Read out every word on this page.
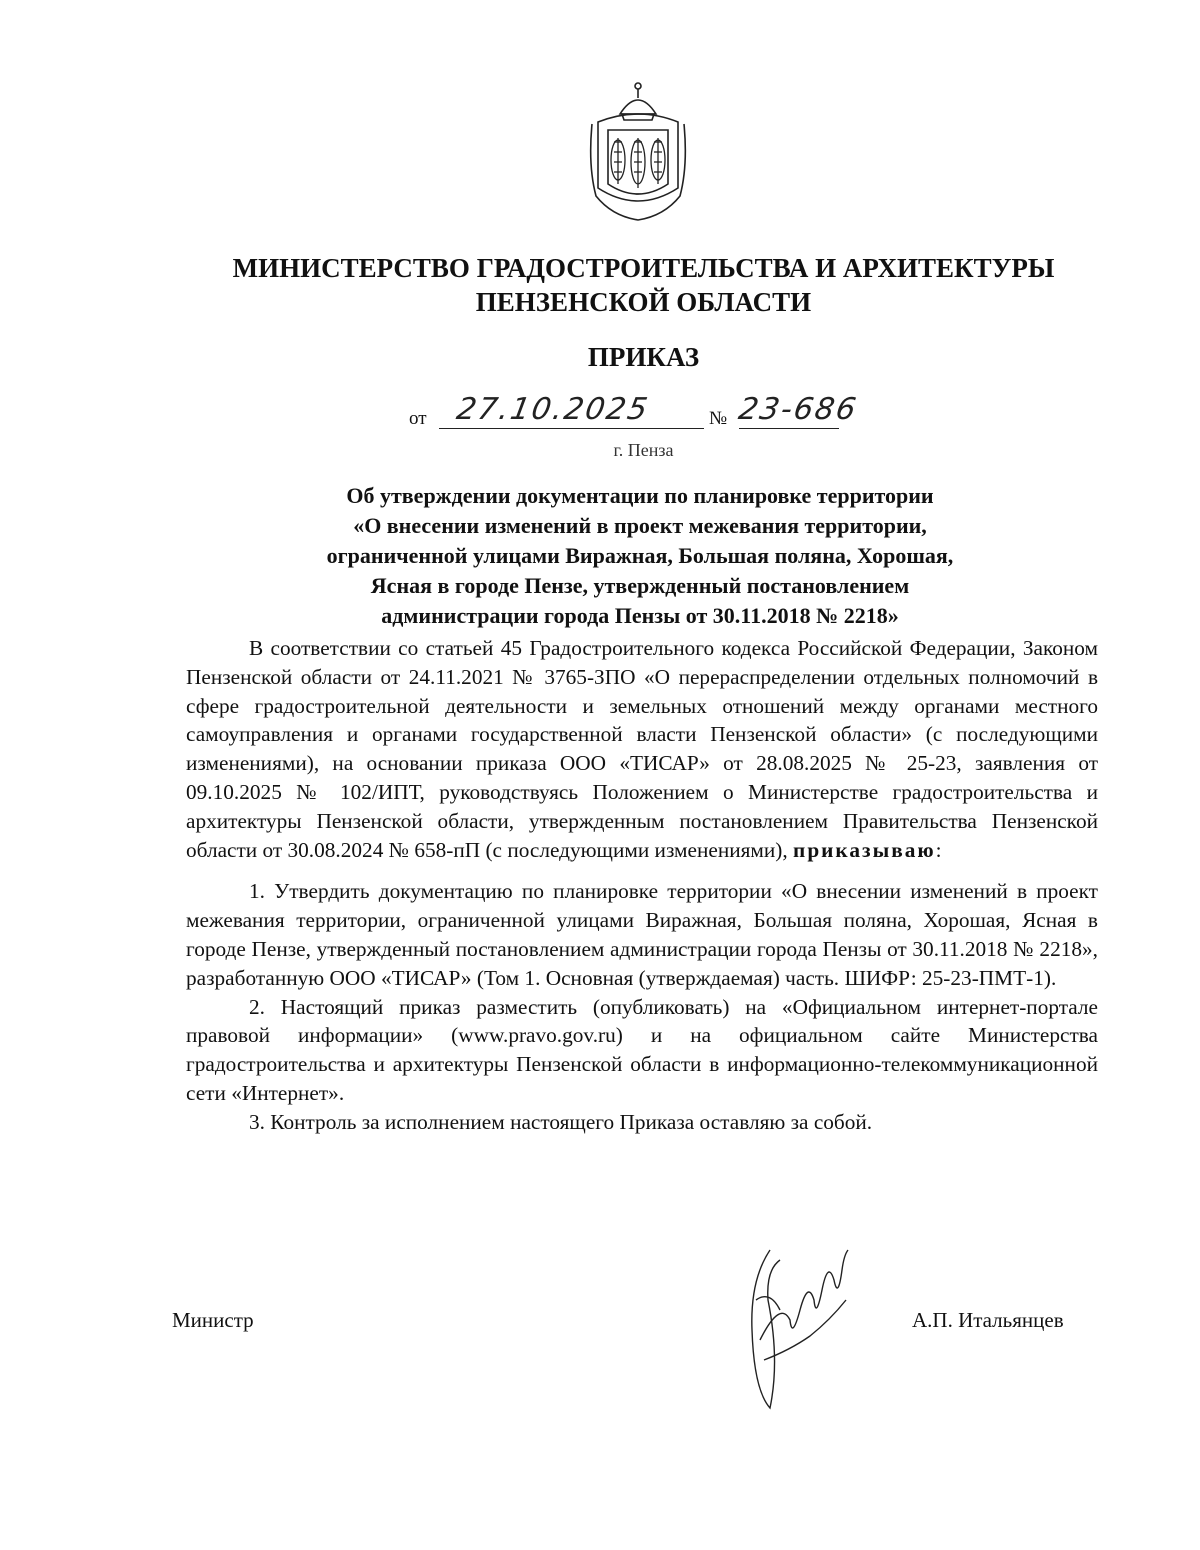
МИНИСТЕРСТВО ГРАДОСТРОИТЕЛЬСТВА И АРХИТЕКТУРЫ
ПЕНЗЕНСКОЙ ОБЛАСТИ
ПРИКАЗ
от 27.10.2025	№ 23-686
г. Пенза
Об утверждении документации по планировке территории
«О внесении изменений в проект межевания территории,
ограниченной улицами Виражная, Большая поляна, Хорошая,
Ясная в городе Пензе, утвержденный постановлением
администрации города Пензы от 30.11.2018 № 2218»

В соответствии со статьей 45 Градостроительного кодекса Российской Федерации, Законом Пензенской области от 24.11.2021 № 3765-ЗПО «О перераспределении отдельных полномочий в сфере градостроительной деятельности и земельных отношений между органами местного самоуправления и органами государственной власти Пензенской области» (с последующими изменениями), на основании приказа ООО «ТИСАР» от 28.08.2025 № 25-23, заявления от 09.10.2025 № 102/ИПТ, руководствуясь Положением о Министерстве градостроительства и архитектуры Пензенской области, утвержденным постановлением Правительства Пензенской области от 30.08.2024 № 658-пП (с последующими изменениями), приказываю:

1. Утвердить документацию по планировке территории «О внесении изменений в проект межевания территории, ограниченной улицами Виражная, Большая поляна, Хорошая, Ясная в городе Пензе, утвержденный постановлением администрации города Пензы от 30.11.2018 № 2218», разработанную ООО «ТИСАР» (Том 1. Основная (утверждаемая) часть. ШИФР: 25-23-ПМТ-1).

2. Настоящий приказ разместить (опубликовать) на «Официальном интернет-портале правовой информации» (www.pravo.gov.ru) и на официальном сайте Министерства градостроительства и архитектуры Пензенской области в информационно-телекоммуникационной сети «Интернет».

3. Контроль за исполнением настоящего Приказа оставляю за собой.

Министр	А.П. Итальянцев
